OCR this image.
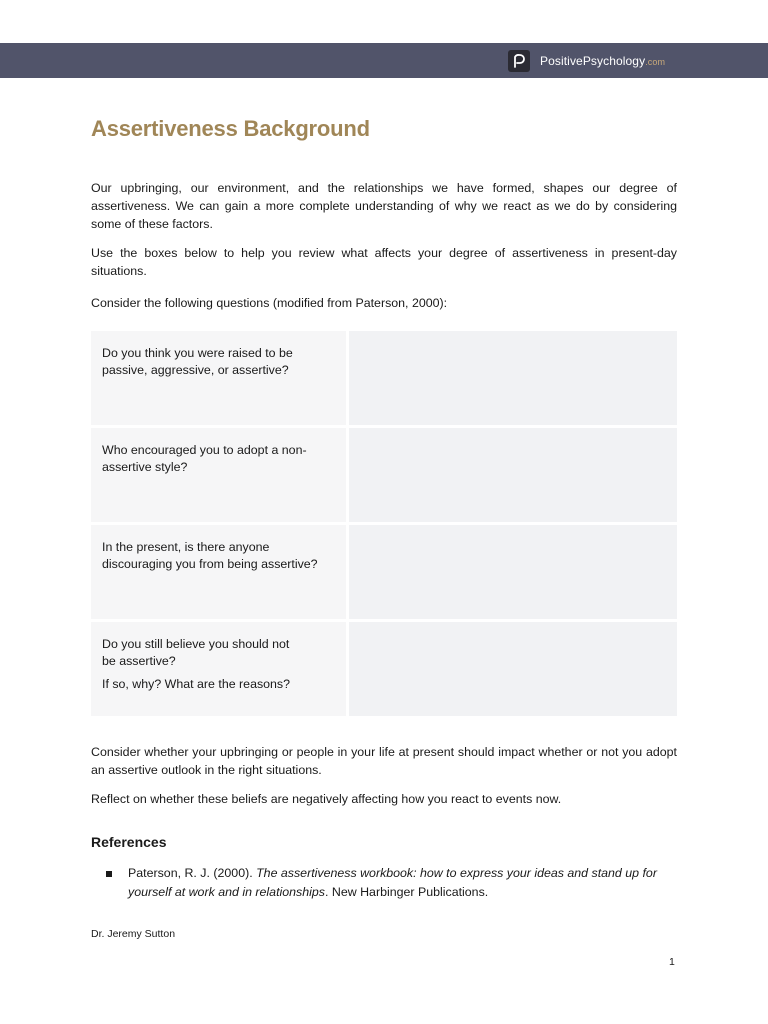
PositivePsychology.com
Assertiveness Background

Our upbringing, our environment, and the relationships we have formed, shapes our degree of assertiveness. We can gain a more complete understanding of why we react as we do by considering some of these factors.

Use the boxes below to help you review what affects your degree of assertiveness in present-day situations.

Consider the following questions (modified from Paterson, 2000):

Do you think you were raised to be
passive, aggressive, or assertive?
Who encouraged you to adopt a non-
assertive style?
In the present, is there anyone
discouraging you from being assertive?
Do you still believe you should not
be assertive?
If so, why? What are the reasons?

Consider whether your upbringing or people in your life at present should impact whether or not you adopt an assertive outlook in the right situations.

Reflect on whether these beliefs are negatively affecting how you react to events now.

References
Paterson, R. J. (2000). The assertiveness workbook: how to express your ideas and stand up for
yourself at work and in relationships. New Harbinger Publications.
Dr. Jeremy Sutton
1
